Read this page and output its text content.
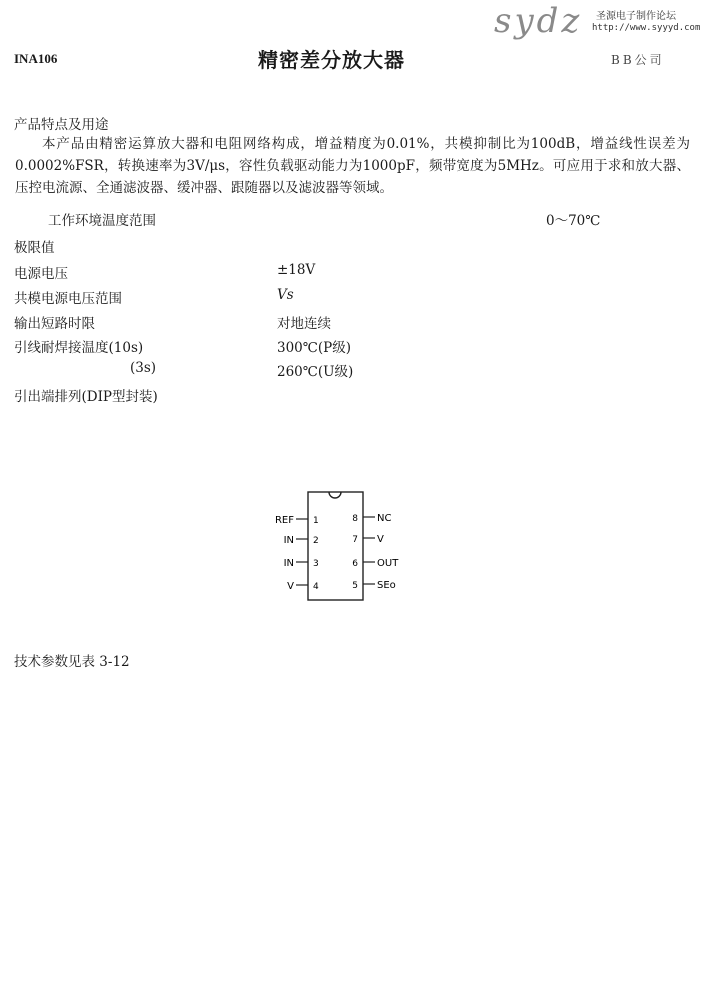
INA106	精密差分放大器	BB公司
sydz 圣源电子制作论坛
http://www.syyyd.com
产品特点及用途
本产品由精密运算放大器和电阻网络构成，增益精度为0.01%，共模抑制比为100dB，增益线性误差为0.0002%FSR，转换速率为3V/μs，容性负载驱动能力为1000pF，频带宽度为5MHz。可应用于求和放大器、压控电流源、全通滤波器、缓冲器、跟随器以及滤波器等领域。
工作环境温度范围	0～70℃
极限值
电源电压	±18V
共模电源电压范围	Vs
输出短路时限	对地连续
引线耐焊接温度(10s)	300℃(P级)
(3s)	260℃(U级)
引出端排列(DIP型封装)
REF
IN
IN
V
1
2
3
4
8
7
6
5
NC
V
OUT
SEo
技术参数见表 3-12
